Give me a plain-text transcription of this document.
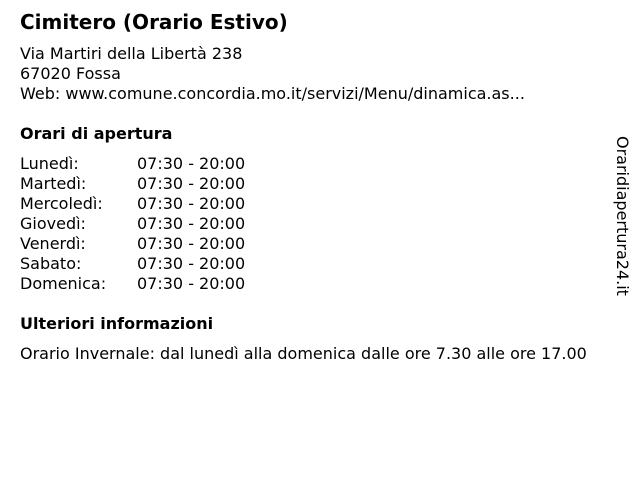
Cimitero (Orario Estivo)
Via Martiri della Libertà 238
67020 Fossa
Web: www.comune.concordia.mo.it/servizi/Menu/dinamica.as...
Orari di apertura
Lunedì:	07:30 - 20:00
Martedì:	07:30 - 20:00
Mercoledì:	07:30 - 20:00
Giovedì:	07:30 - 20:00
Venerdì:	07:30 - 20:00
Sabato:	07:30 - 20:00
Domenica:	07:30 - 20:00
Ulteriori informazioni
Orario Invernale: dal lunedì alla domenica dalle ore 7.30 alle ore 17.00
Oraridiapertura24.it
